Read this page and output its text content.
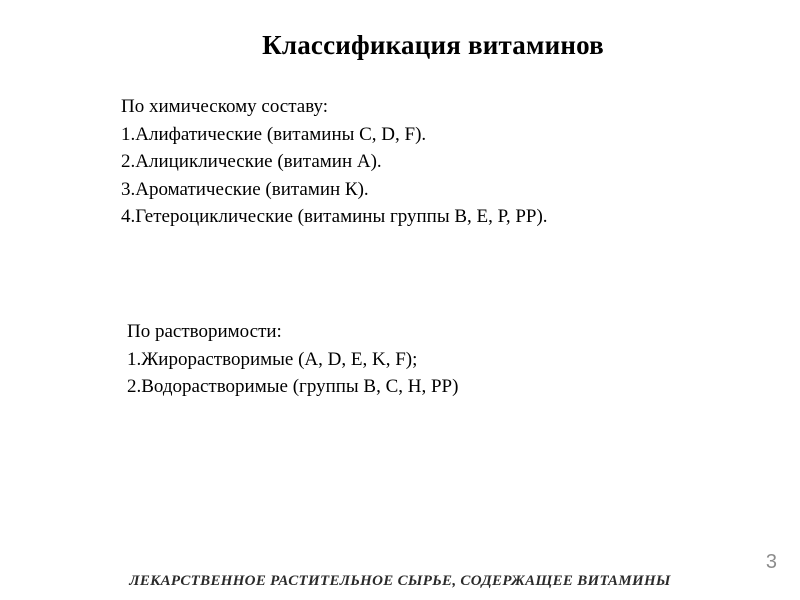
Классификация витаминов
По химическому составу:
1.Алифатические (витамины С, D, F).
2.Алициклические (витамин А).
3.Ароматические (витамин К).
4.Гетероциклические (витамины группы В, Е, Р, РР).
По растворимости:
1.Жирорастворимые (А, D, E, K, F);
2.Водорастворимые (группы В, С, Н, РР)
3
ЛЕКАРСТВЕННОЕ РАСТИТЕЛЬНОЕ СЫРЬЕ, СОДЕРЖАЩЕЕ ВИТАМИНЫ
